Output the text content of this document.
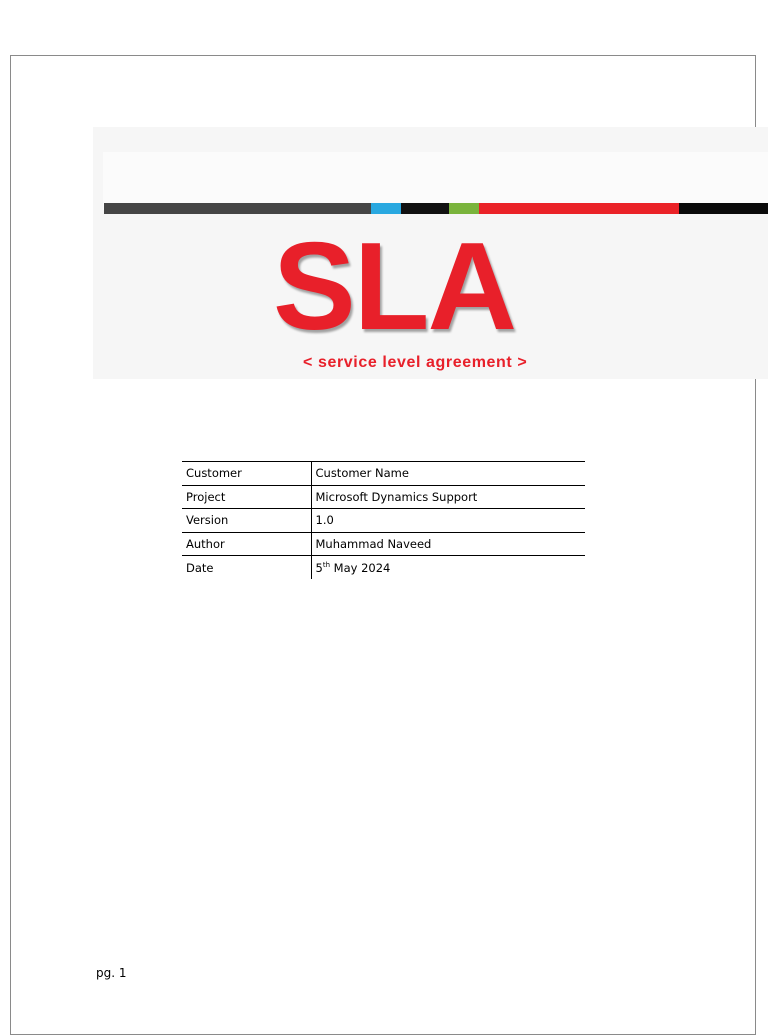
SLA
< service level agreement >
Customer	Customer Name
Project	Microsoft Dynamics Support
Version	1.0
Author	Muhammad Naveed
Date	5th May 2024
pg. 1
